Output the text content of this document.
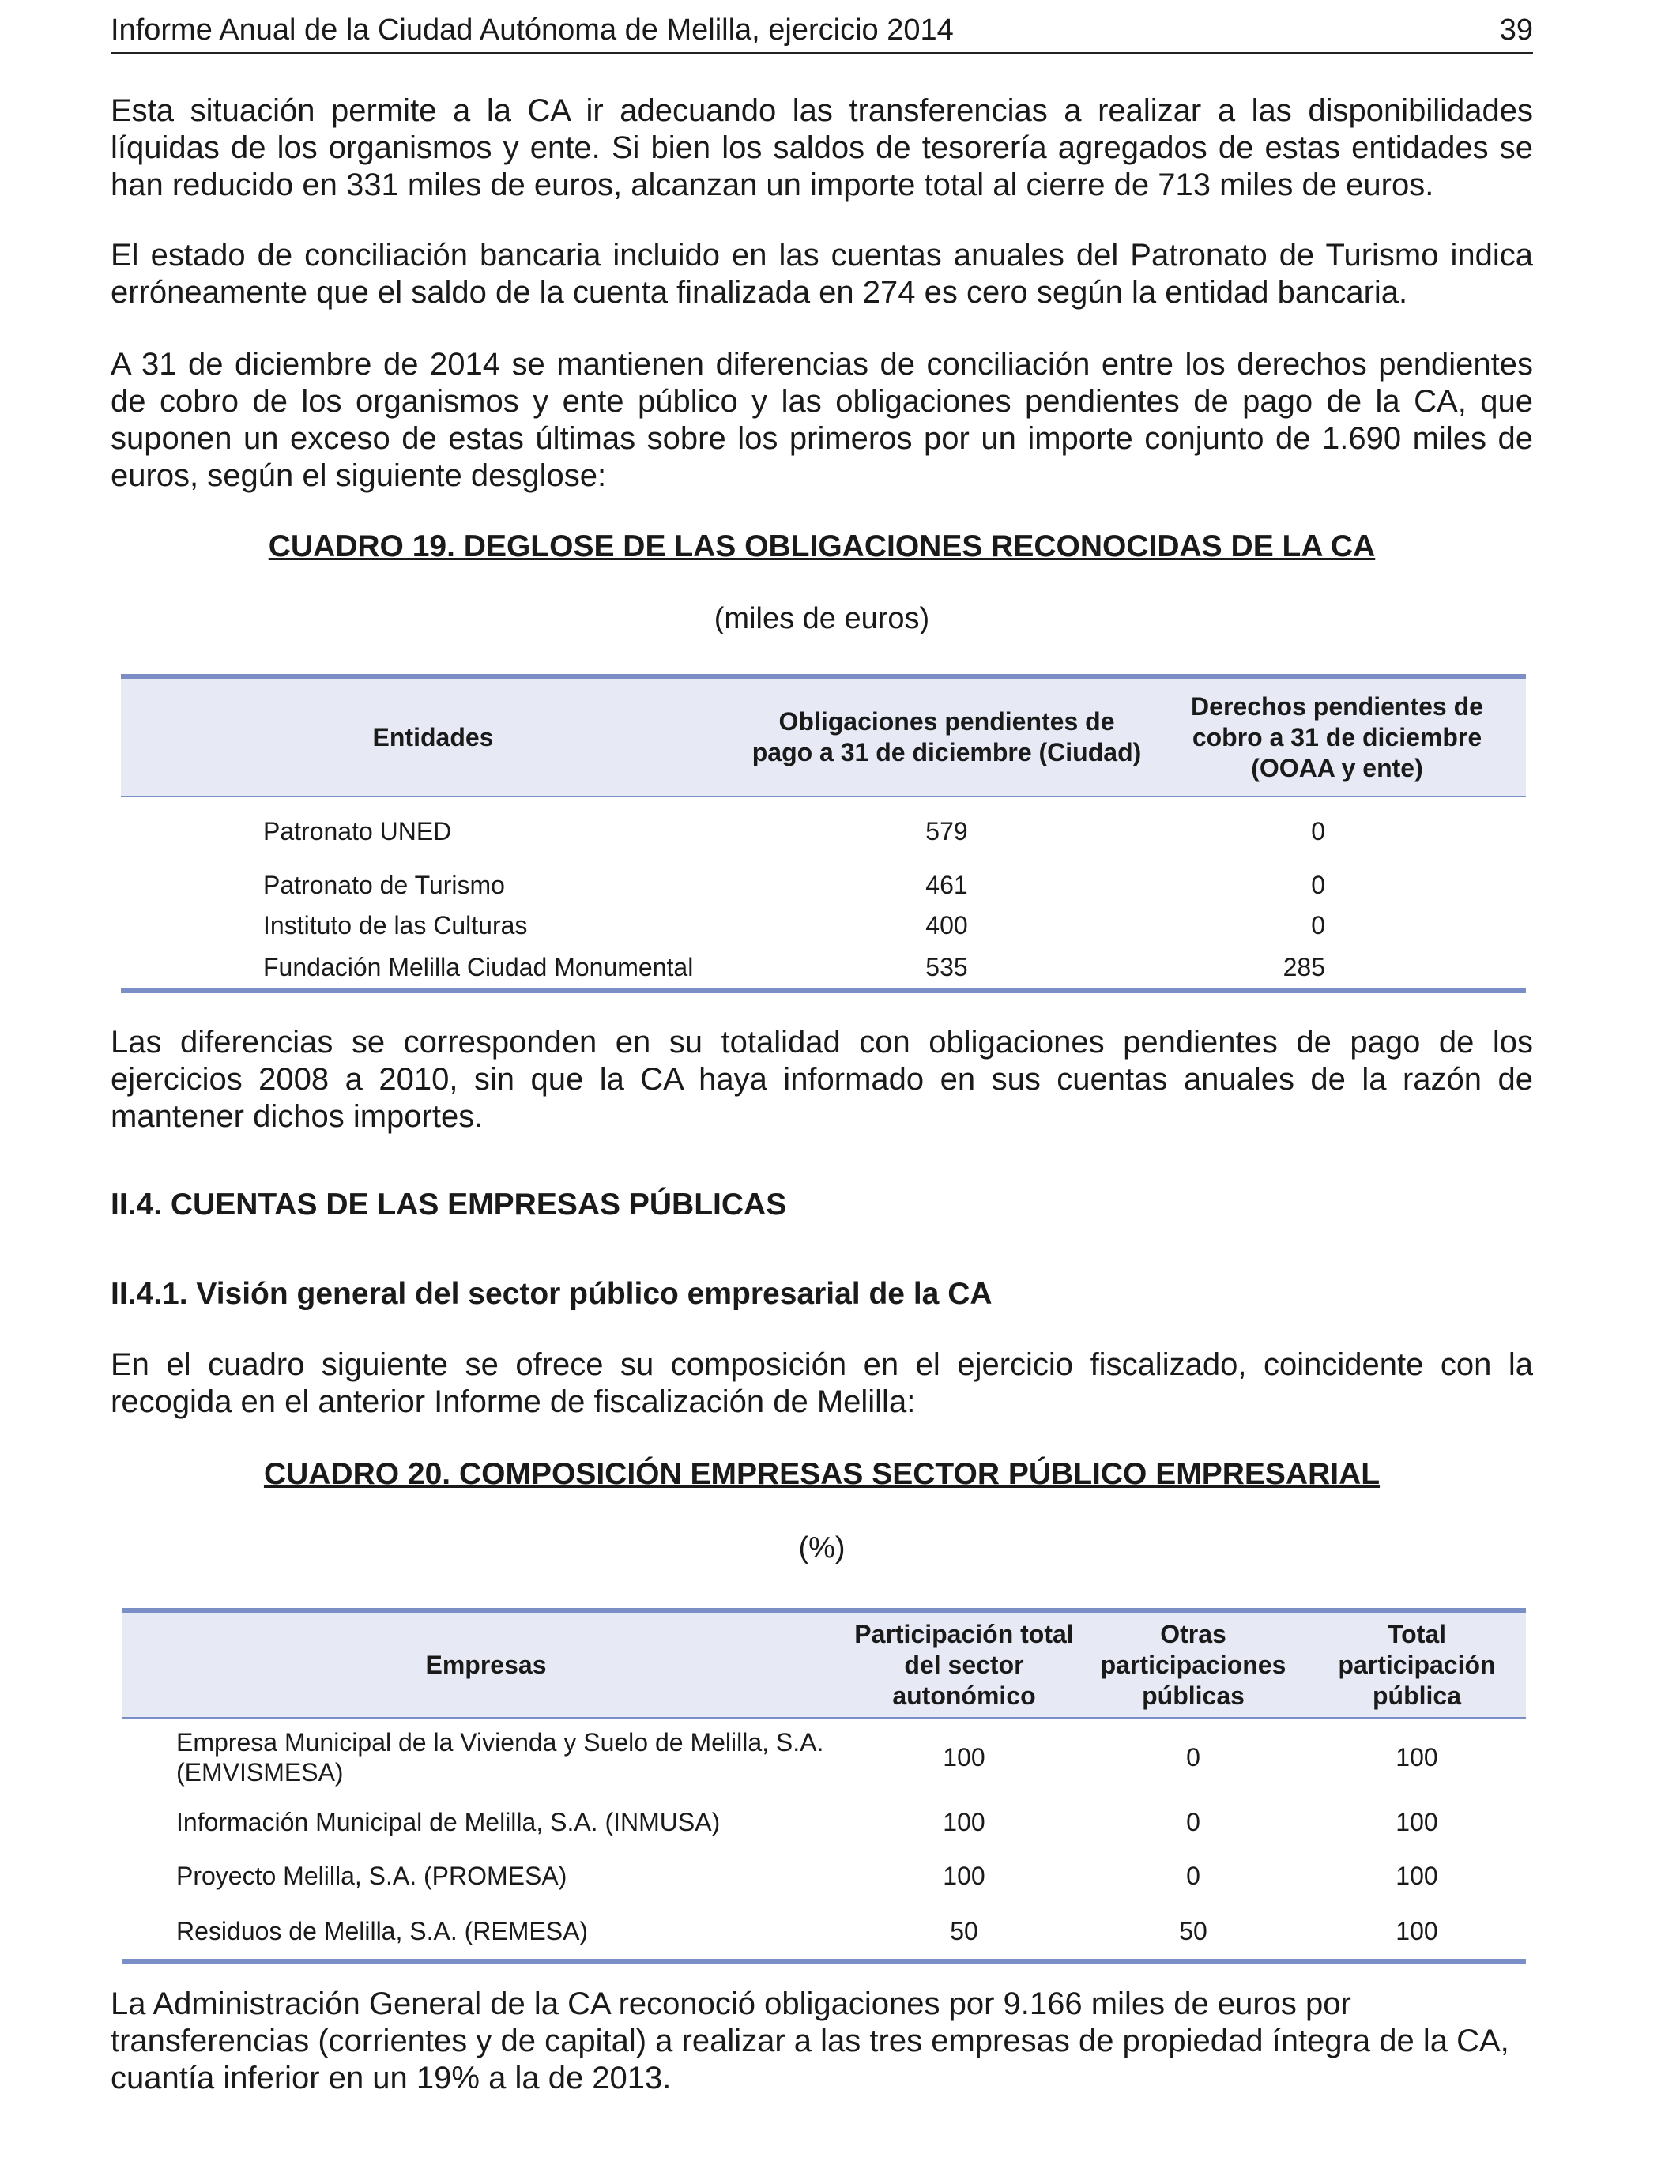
Informe Anual de la Ciudad Autónoma de Melilla, ejercicio 2014	39

Esta situación permite a la CA ir adecuando las transferencias a realizar a las disponibilidades líquidas de los organismos y ente. Si bien los saldos de tesorería agregados de estas entidades se han reducido en 331 miles de euros, alcanzan un importe total al cierre de 713 miles de euros.

El estado de conciliación bancaria incluido en las cuentas anuales del Patronato de Turismo indica erróneamente que el saldo de la cuenta finalizada en 274 es cero según la entidad bancaria.

A 31 de diciembre de 2014 se mantienen diferencias de conciliación entre los derechos pendientes de cobro de los organismos y ente público y las obligaciones pendientes de pago de la CA, que suponen un exceso de estas últimas sobre los primeros por un importe conjunto de 1.690 miles de euros, según el siguiente desglose:

CUADRO 19. DEGLOSE DE LAS OBLIGACIONES RECONOCIDAS DE LA CA
(miles de euros)
Entidades	Obligaciones pendientes de pago a 31 de diciembre (Ciudad)	Derechos pendientes de cobro a 31 de diciembre (OOAA y ente)
Patronato UNED	579	0
Patronato de Turismo	461	0
Instituto de las Culturas	400	0
Fundación Melilla Ciudad Monumental	535	285

Las diferencias se corresponden en su totalidad con obligaciones pendientes de pago de los ejercicios 2008 a 2010, sin que la CA haya informado en sus cuentas anuales de la razón de mantener dichos importes.

II.4. CUENTAS DE LAS EMPRESAS PÚBLICAS
II.4.1. Visión general del sector público empresarial de la CA

En el cuadro siguiente se ofrece su composición en el ejercicio fiscalizado, coincidente con la recogida en el anterior Informe de fiscalización de Melilla:

CUADRO 20. COMPOSICIÓN EMPRESAS SECTOR PÚBLICO EMPRESARIAL
(%)
Empresas	Participación total del sector autonómico	Otras participaciones públicas	Total participación pública
Empresa Municipal de la Vivienda y Suelo de Melilla, S.A. (EMVISMESA)	100	0	100
Información Municipal de Melilla, S.A. (INMUSA)	100	0	100
Proyecto Melilla, S.A. (PROMESA)	100	0	100
Residuos de Melilla, S.A. (REMESA)	50	50	100

La Administración General de la CA reconoció obligaciones por 9.166 miles de euros por transferencias (corrientes y de capital) a realizar a las tres empresas de propiedad íntegra de la CA, cuantía inferior en un 19% a la de 2013.
